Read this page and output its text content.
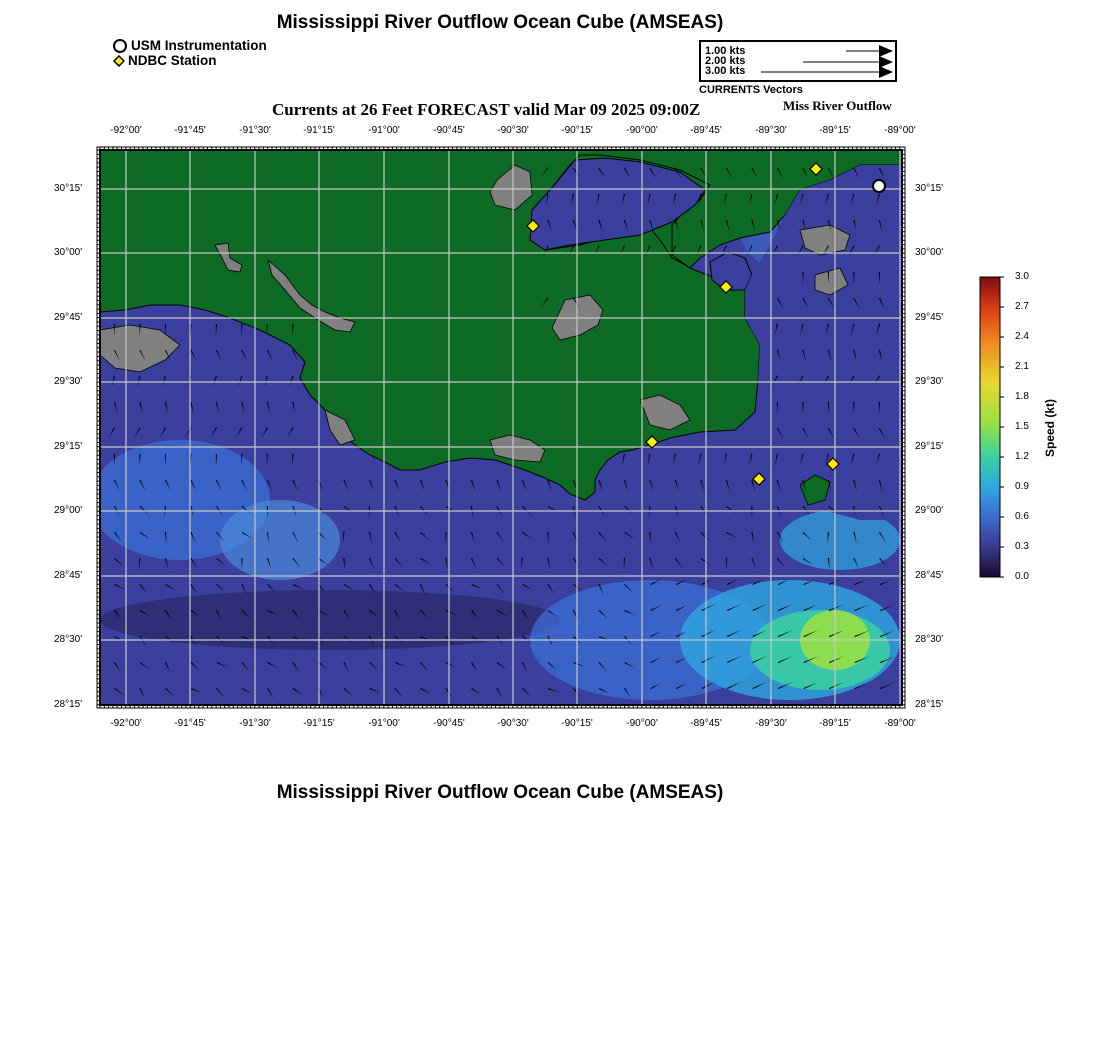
Mississippi River Outflow Ocean Cube (AMSEAS)
USM Instrumentation
NDBC Station
1.00 kts
2.00 kts
3.00 kts
CURRENTS Vectors
Currents at 26 Feet FORECAST valid Mar 09 2025 09:00Z	Miss River Outflow
-92°00'	-91°45'	-91°30'	-91°15'	-91°00'	-90°45'	-90°30'	-90°15'	-90°00'	-89°45'	-89°30'	-89°15'	-89°00'
-92°00'	-91°45'	-91°30'	-91°15'	-91°00'	-90°45'	-90°30'	-90°15'	-90°00'	-89°45'	-89°30'	-89°15'	-89°00'
30°15'
30°00'
29°45'
29°30'
29°15'
29°00'
28°45'
28°30'
28°15'
30°15'
30°00'
29°45'
29°30'
29°15'
29°00'
28°45'
28°30'
28°15'
3.0
2.7
2.4
2.1
1.8
1.5
1.2
0.9
0.6
0.3
0.0
Speed (kt)
Mississippi River Outflow Ocean Cube (AMSEAS)
